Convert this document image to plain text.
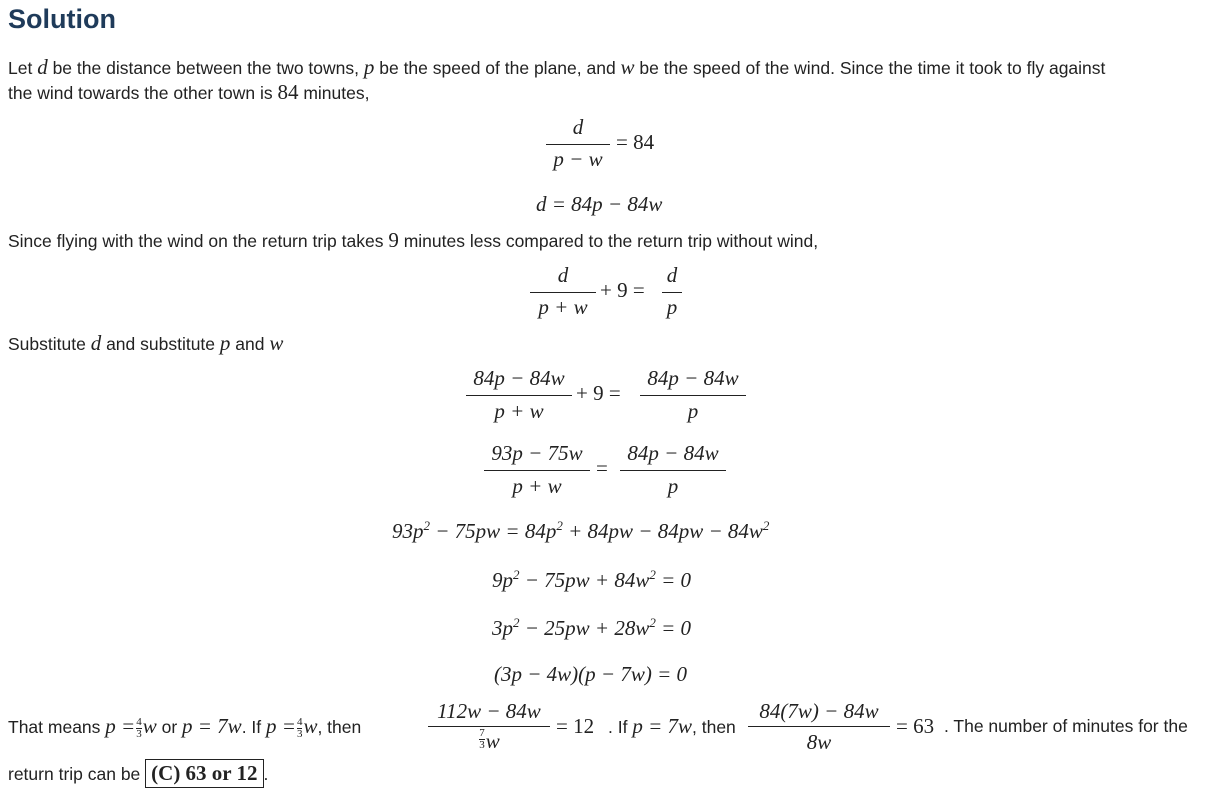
Solution
Let d be the distance between the two towns, p be the speed of the plane, and w be the speed of the wind. Since the time it took to fly against
the wind towards the other town is 84 minutes,
d
p − w
= 84
d = 84p − 84w
Since flying with the wind on the return trip takes 9 minutes less compared to the return trip without wind,
d
p + w
+ 9 =
d
p
Substitute d and substitute p and w
84p − 84w
p + w
+ 9 =
84p − 84w
p
93p − 75w
p + w
=
84p − 84w
p
$93p^2 - 75pw = 84p^2 + 84pw - 84pw - 84w^2$
$9p^2 - 75pw + 84w^2 = 0$
$3p^2 - 25pw + 28w^2 = 0$
(3p − 4w)(p − 7w) = 0
That means $p = \frac{4}{3}$ w or p = 7w. If $p = \frac{4}{3} w$, then
112w − 84w
$\frac{7}{3}$ w
= 12 . If p = 7w, then
84(7w) − 84w
8w
= 63 . The number of minutes for the
return trip can be (C) 63 or 12 .
